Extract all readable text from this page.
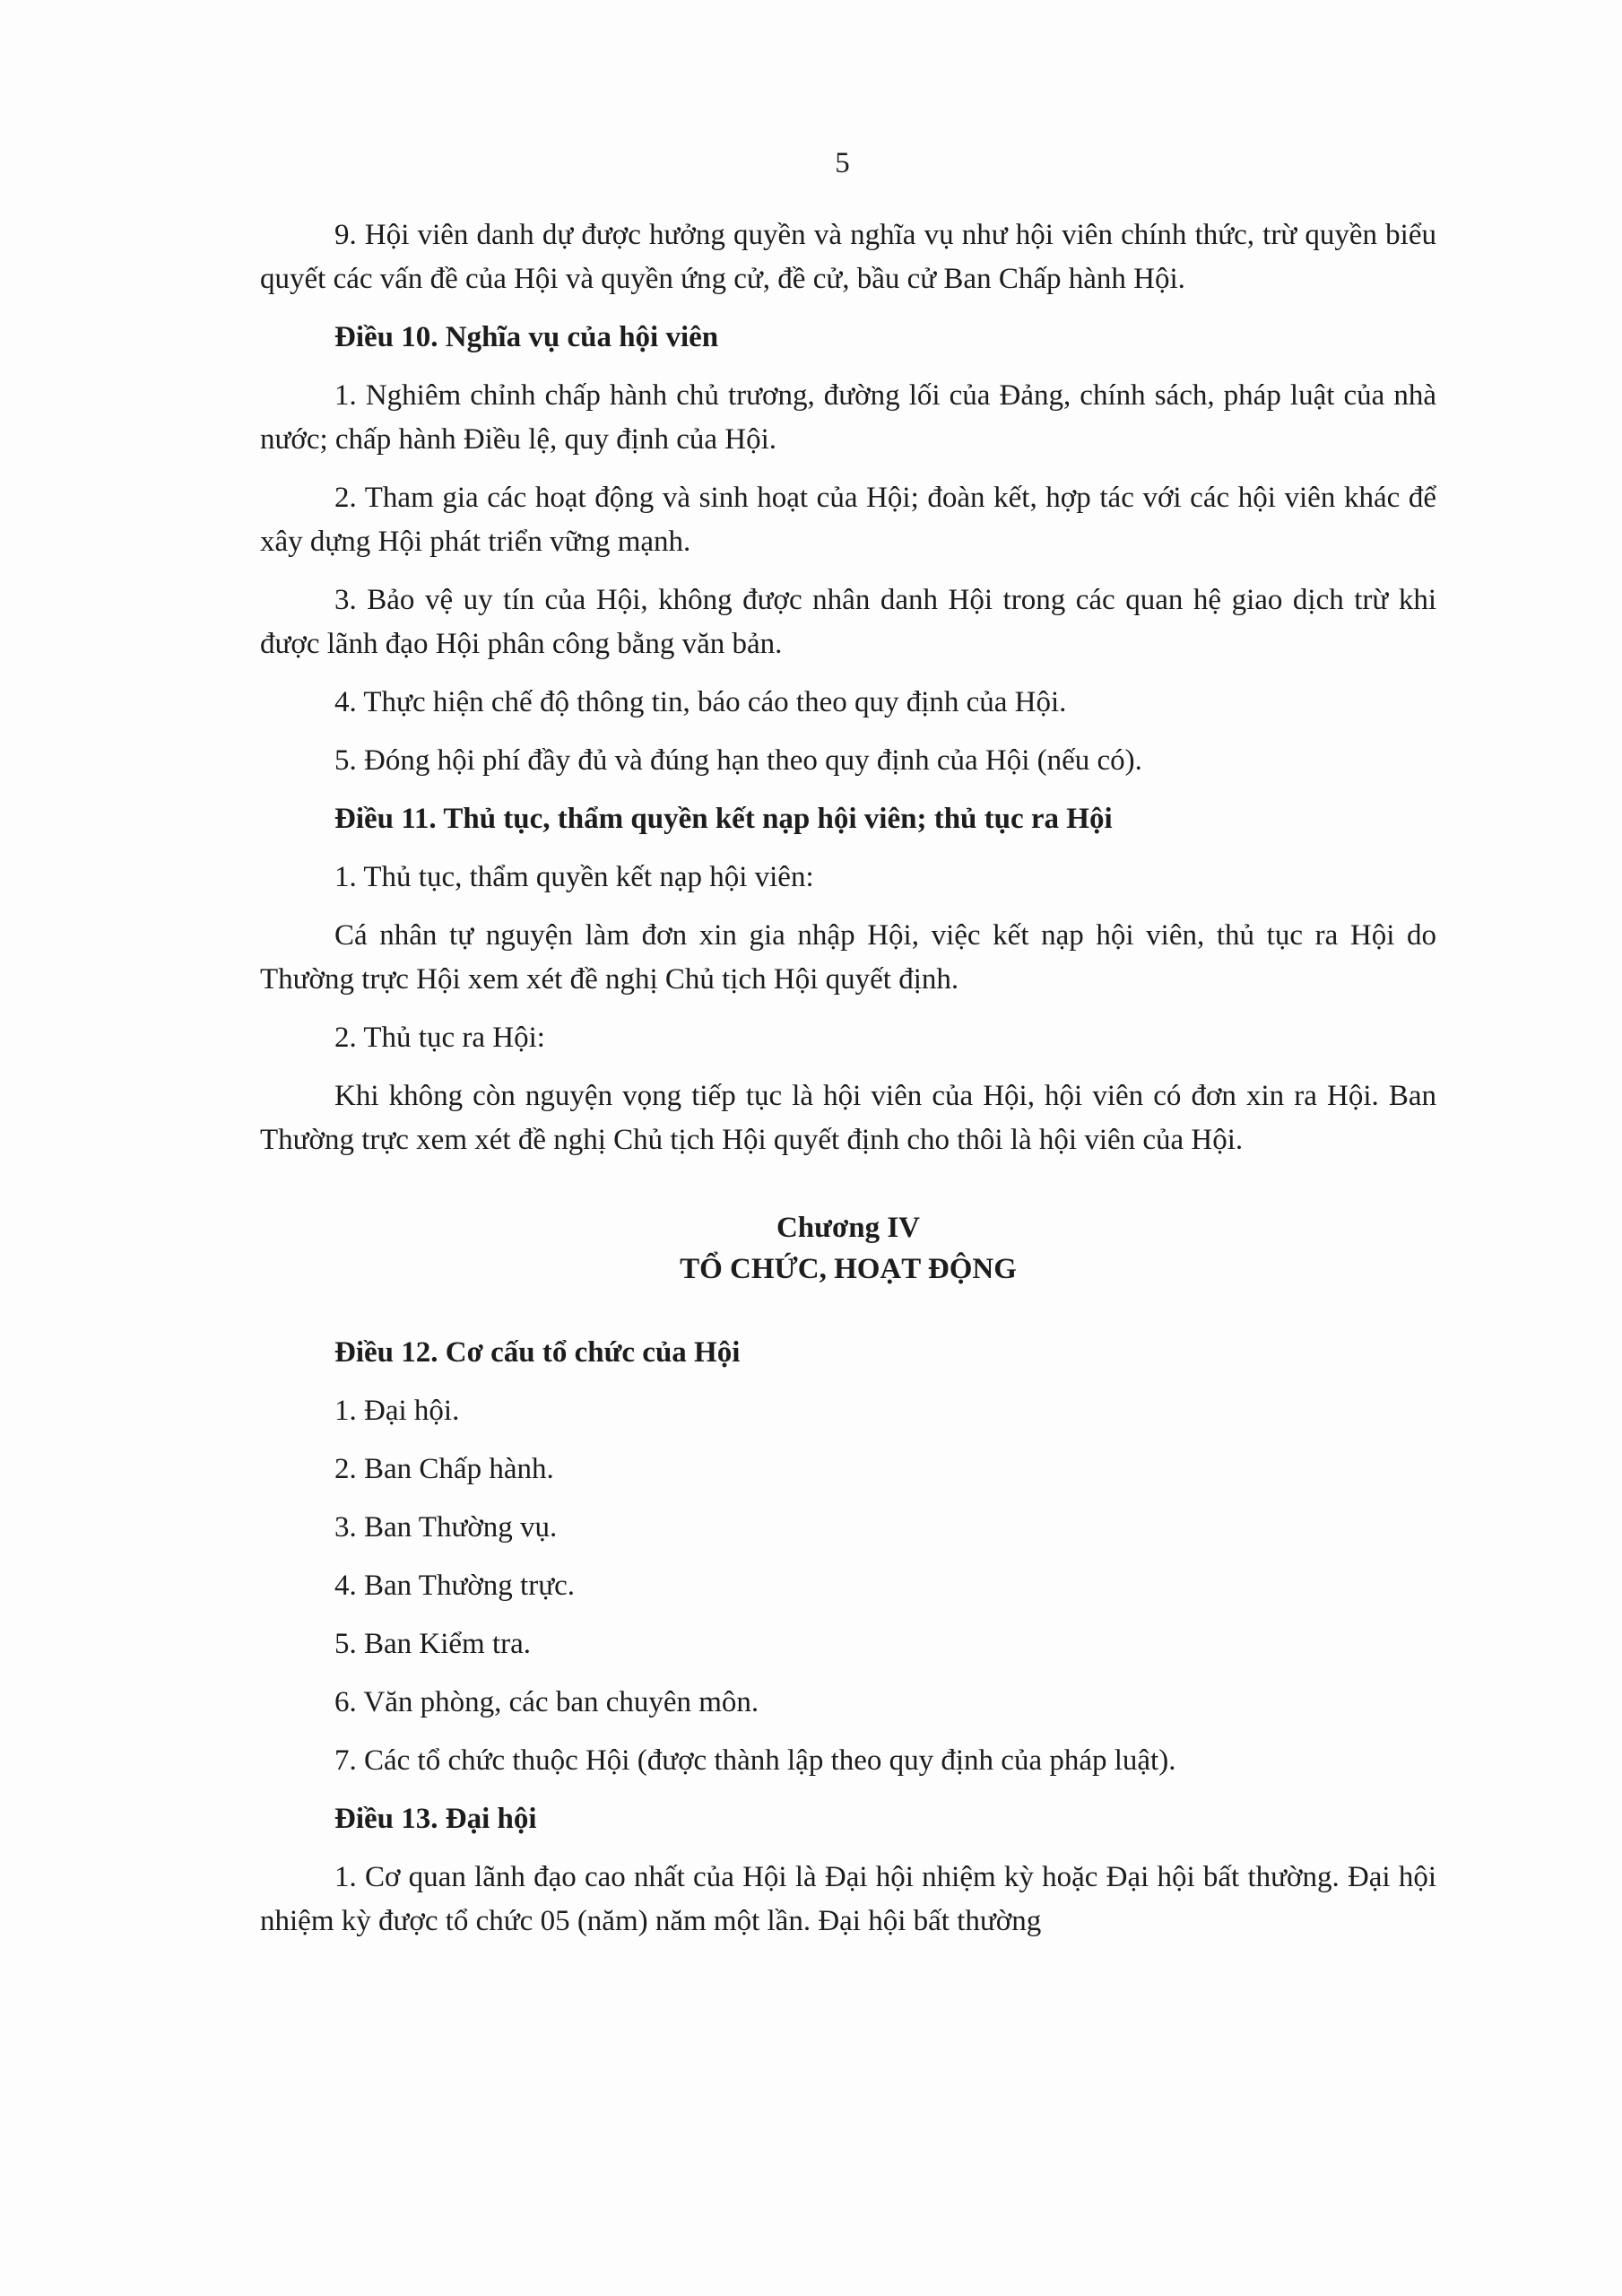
5

9. Hội viên danh dự được hưởng quyền và nghĩa vụ như hội viên chính thức, trừ quyền biểu quyết các vấn đề của Hội và quyền ứng cử, đề cử, bầu cử Ban Chấp hành Hội.

Điều 10. Nghĩa vụ của hội viên

1. Nghiêm chỉnh chấp hành chủ trương, đường lối của Đảng, chính sách, pháp luật của nhà nước; chấp hành Điều lệ, quy định của Hội.

2. Tham gia các hoạt động và sinh hoạt của Hội; đoàn kết, hợp tác với các hội viên khác để xây dựng Hội phát triển vững mạnh.

3. Bảo vệ uy tín của Hội, không được nhân danh Hội trong các quan hệ giao dịch trừ khi được lãnh đạo Hội phân công bằng văn bản.

4. Thực hiện chế độ thông tin, báo cáo theo quy định của Hội.

5. Đóng hội phí đầy đủ và đúng hạn theo quy định của Hội (nếu có).

Điều 11. Thủ tục, thẩm quyền kết nạp hội viên; thủ tục ra Hội

1. Thủ tục, thẩm quyền kết nạp hội viên:

Cá nhân tự nguyện làm đơn xin gia nhập Hội, việc kết nạp hội viên, thủ tục ra Hội do Thường trực Hội xem xét đề nghị Chủ tịch Hội quyết định.

2. Thủ tục ra Hội:

Khi không còn nguyện vọng tiếp tục là hội viên của Hội, hội viên có đơn xin ra Hội. Ban Thường trực xem xét đề nghị Chủ tịch Hội quyết định cho thôi là hội viên của Hội.

Chương IV
TỔ CHỨC, HOẠT ĐỘNG

Điều 12. Cơ cấu tổ chức của Hội

1. Đại hội.

2. Ban Chấp hành.

3. Ban Thường vụ.

4. Ban Thường trực.

5. Ban Kiểm tra.

6. Văn phòng, các ban chuyên môn.

7. Các tổ chức thuộc Hội (được thành lập theo quy định của pháp luật).

Điều 13. Đại hội

1. Cơ quan lãnh đạo cao nhất của Hội là Đại hội nhiệm kỳ hoặc Đại hội bất thường. Đại hội nhiệm kỳ được tổ chức 05 (năm) năm một lần. Đại hội bất thường
